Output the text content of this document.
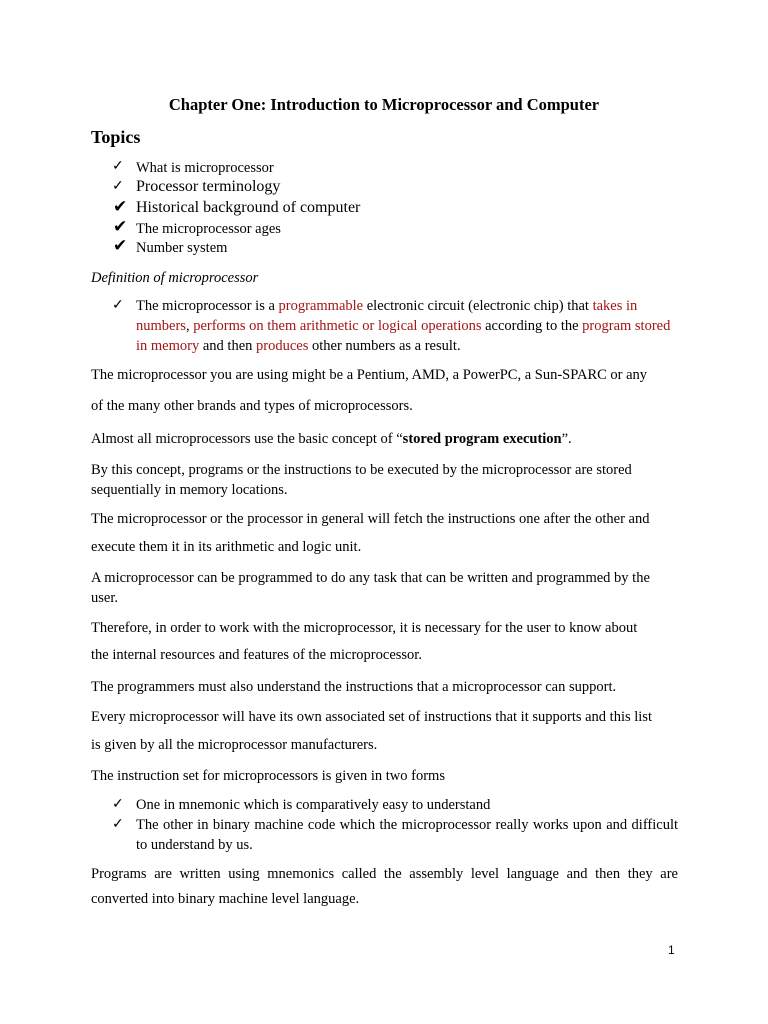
Chapter One: Introduction to Microprocessor and Computer
Topics
✓ What is microprocessor

✓ Processor terminology

✔ Historical background of computer

✔ The microprocessor ages

✔ Number system

Definition of microprocessor

✓ The microprocessor is a programmable electronic circuit (electronic chip) that takes in numbers, performs on them arithmetic or logical operations according to the program stored in memory and then produces other numbers as a result.

The microprocessor you are using might be a Pentium, AMD, a PowerPC, a Sun-SPARC or any

of the many other brands and types of microprocessors.

Almost all microprocessors use the basic concept of “stored program execution”.

By this concept, programs or the instructions to be executed by the microprocessor are stored sequentially in memory locations.

The microprocessor or the processor in general will fetch the instructions one after the other and

execute them it in its arithmetic and logic unit.

A microprocessor can be programmed to do any task that can be written and programmed by the user.

Therefore, in order to work with the microprocessor, it is necessary for the user to know about

the internal resources and features of the microprocessor.

The programmers must also understand the instructions that a microprocessor can support.

Every microprocessor will have its own associated set of instructions that it supports and this list

is given by all the microprocessor manufacturers.

The instruction set for microprocessors is given in two forms

✓ One in mnemonic which is comparatively easy to understand

✓ The other in binary machine code which the microprocessor really works upon and difficult to understand by us.

Programs are written using mnemonics called the assembly level language and then they are

converted into binary machine level language.

1
